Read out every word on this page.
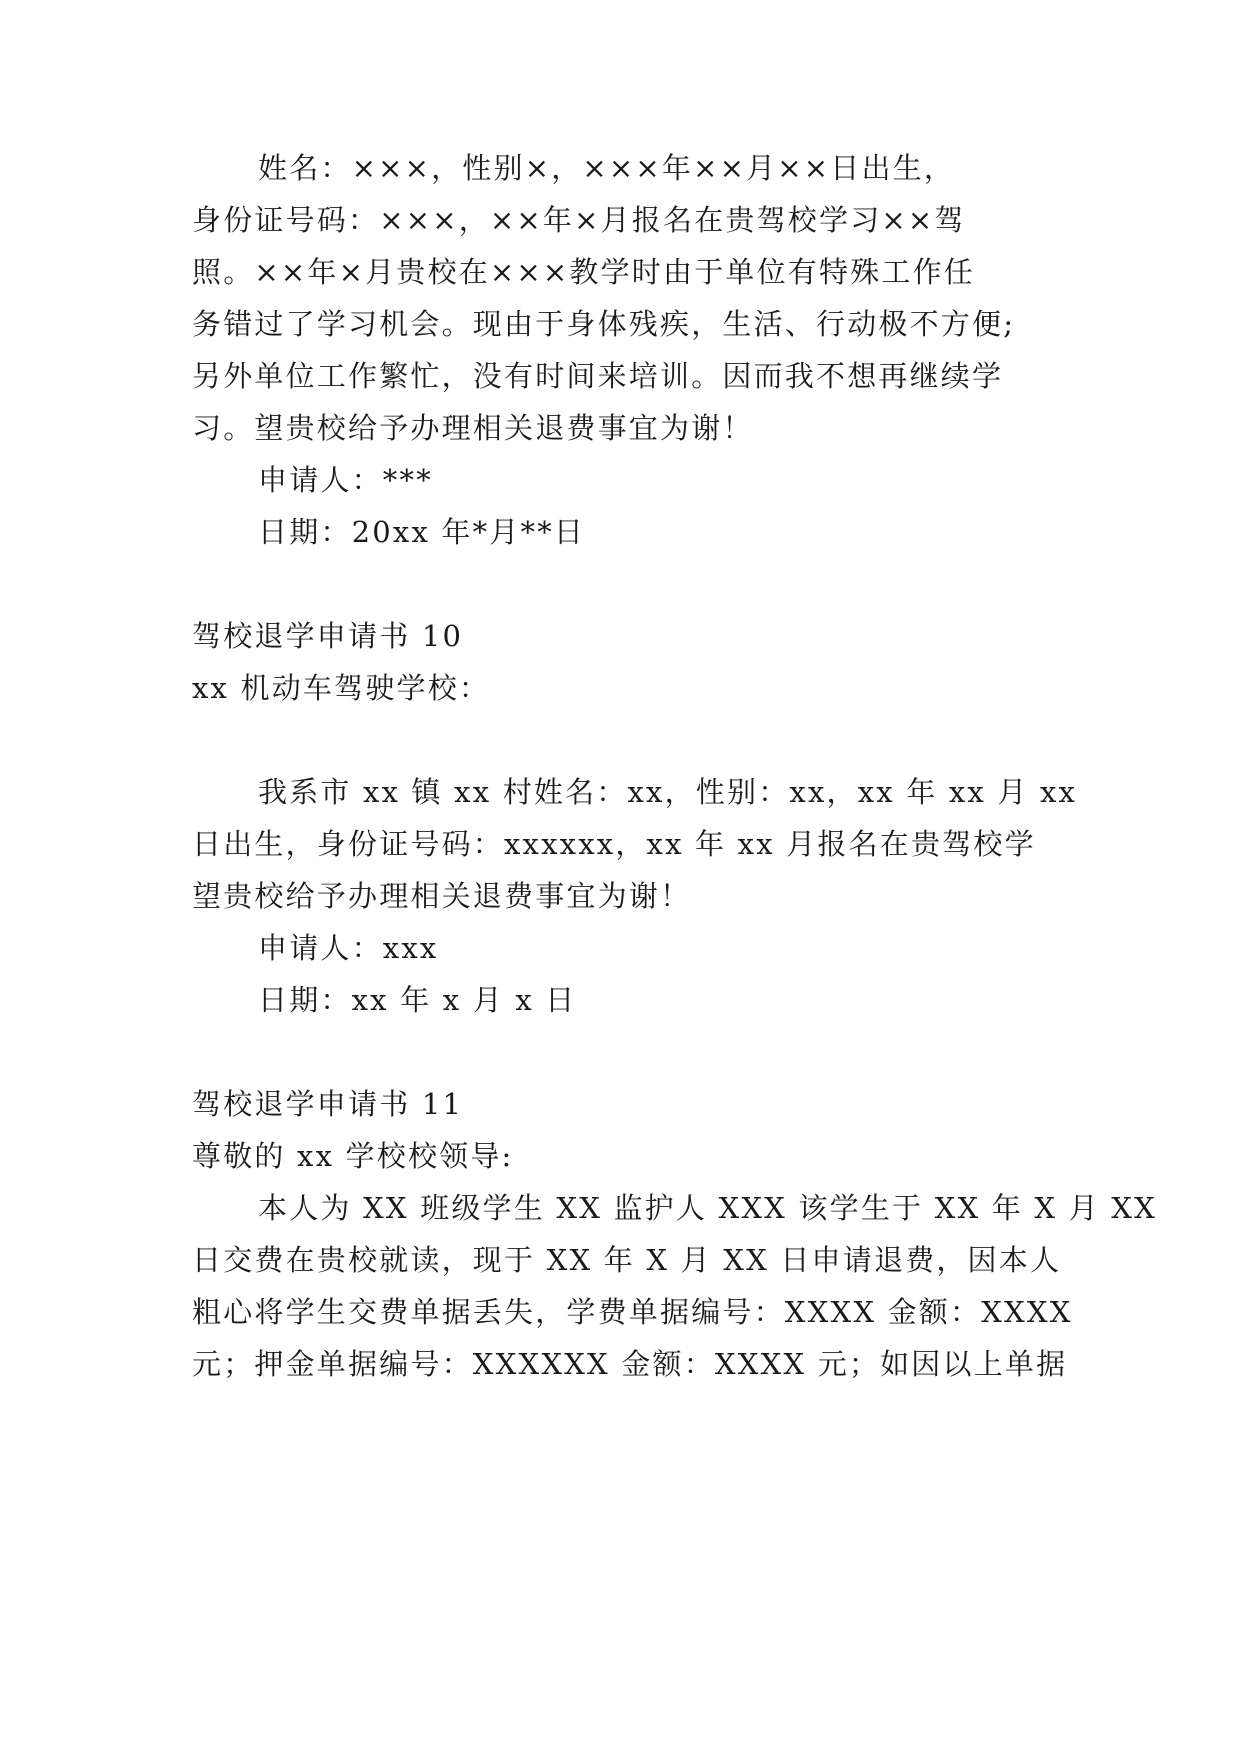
姓名：×××，性别×，×××年××月××日出生，
身份证号码：×××，××年×月报名在贵驾校学习××驾
照。××年×月贵校在×××教学时由于单位有特殊工作任
务错过了学习机会。现由于身体残疾，生活、行动极不方便;
另外单位工作繁忙，没有时间来培训。因而我不想再继续学
习。望贵校给予办理相关退费事宜为谢！
申请人：***
日期：20xx 年*月**日
驾校退学申请书 10
xx 机动车驾驶学校：
我系市 xx 镇 xx 村姓名：xx，性别：xx，xx 年 xx 月 xx
日出生，身份证号码：xxxxxx，xx 年 xx 月报名在贵驾校学
望贵校给予办理相关退费事宜为谢！
申请人：xxx
日期：xx 年 x 月 x 日
驾校退学申请书 11
尊敬的 xx 学校校领导:
本人为 XX 班级学生 XX 监护人 XXX 该学生于 XX 年 X 月 XX
日交费在贵校就读，现于 XX 年 X 月 XX 日申请退费，因本人
粗心将学生交费单据丢失，学费单据编号：XXXX 金额：XXXX
元；押金单据编号：XXXXXX 金额：XXXX 元；如因以上单据
